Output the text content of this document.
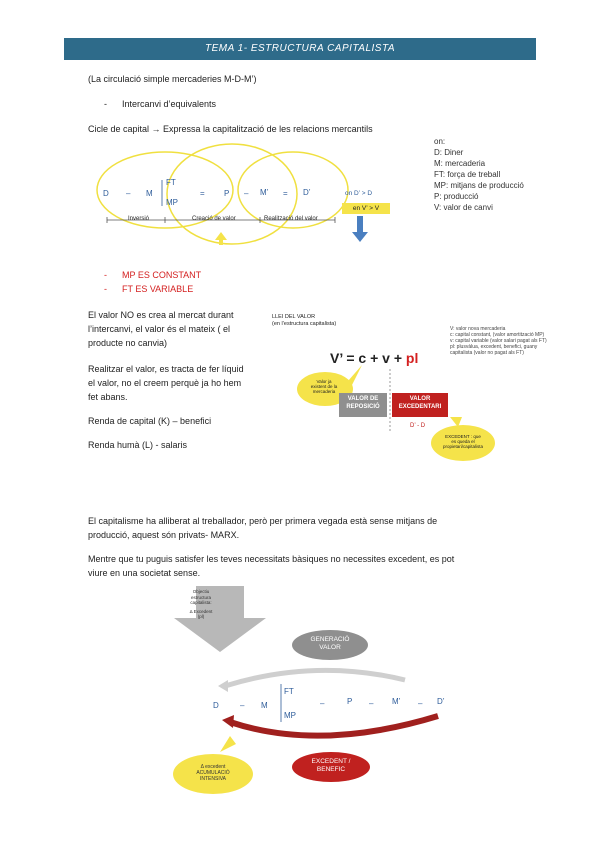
TEMA 1- ESTRUCTURA CAPITALISTA
(La circulació simple mercaderies M-D-M’)
- Intercanvi d’equivalents
Cicle de capital → Expressa la capitalització de les relacions mercantils
on:
D: Diner
M: mercaderia
FT: força de treball
MP: mitjans de producció
P: producció
V: valor de canvi
D – M
FT
MP
= P – M’ = D’
Inversió	Creació de valor	Realització del valor
on D’ > D
en V’ > V
- MP ES CONSTANT
- FT ES VARIABLE
El valor NO es crea al mercat durant
l’intercanvi, el valor és el mateix ( el
producte no canvia)
Realitzar el valor, es tracta de fer líquid
el valor, no el creem perquè ja ho hem
fet abans.
Renda de capital (K) – benefici
Renda humà (L) - salaris
LLEI DEL VALOR
(en l’estructura capitalista)
V’ = c + v + pl
V: valor nova mercaderia
c: capital constant, (valor amortització MP)
v: capital variable (valor salari pagat als FT)
pl: plusvàlua, excedent, benefici, guany
capitalista (valor no pagat als FT)
Valor ja
existent de la
mercaderia
VALOR DE
REPOSICIÓ
VALOR
EXCEDENTARI
D’ - D
EXCEDENT : que
es queda el
propietari/capitalista
El capitalisme ha alliberat al treballador, però per primera vegada està sense mitjans de
producció, aquest són privats- MARX.
Mentre que tu puguis satisfer les teves necessitats bàsiques no necessites excedent, es pot
viure en una societat sense.
Objectiu
estructura
capitalista:
Δ Excedent
(pl)
GENERACIÓ
VALOR
D	– M
FT
MP
–	P – M’ – D’
EXCEDENT /
BENEFIC
Δ excedent
ACUMULACIÓ
INTENSIVA
